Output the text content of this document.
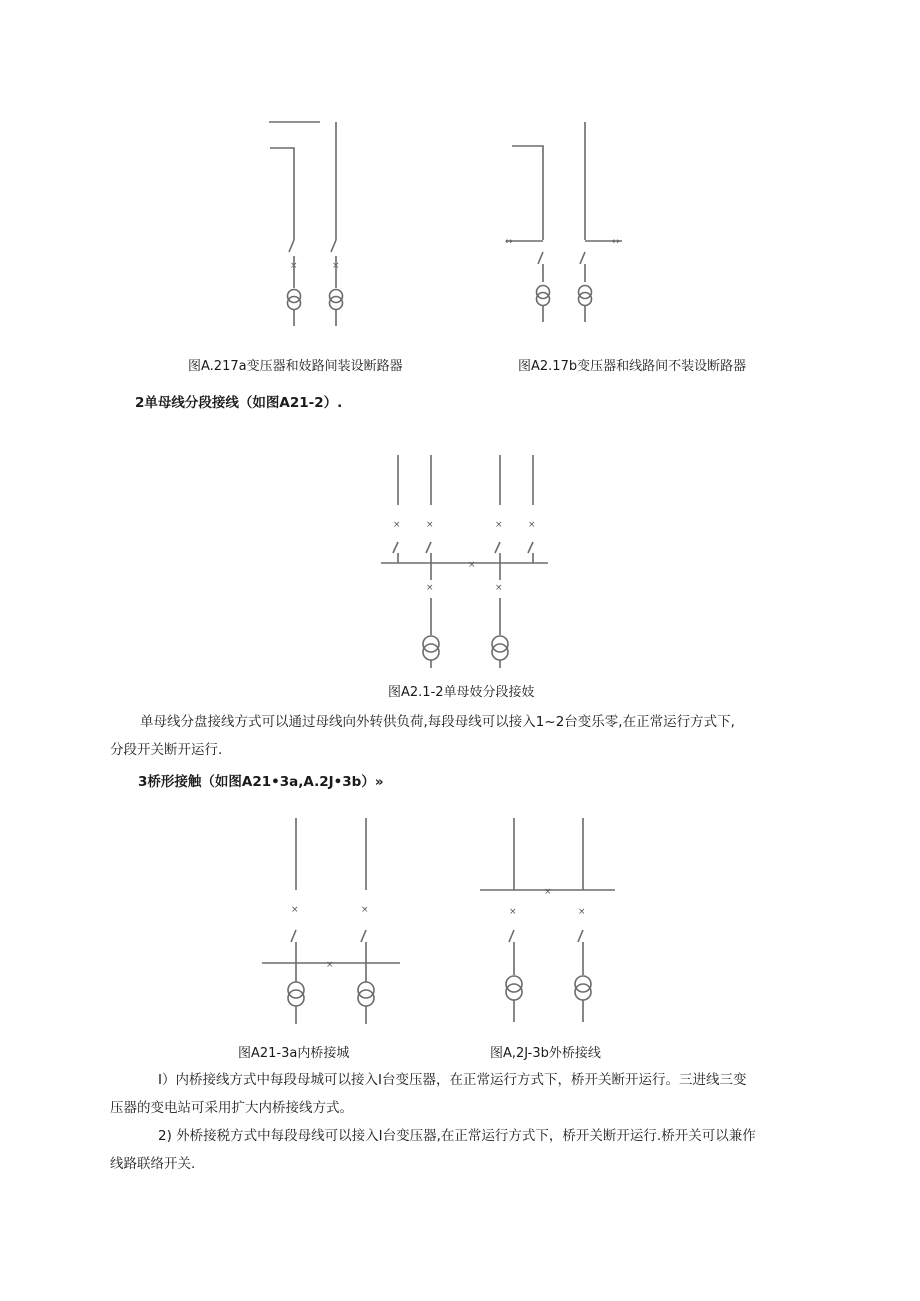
×	×
↔	↔
×
×	×	×	×
×	×
×
×	×
×
×	×
图A.217a变压器和妓路间装设断路器	图A2.17b变压器和线路间不装设断路器
2单母线分段接线（如图A21-2）.
图A2.1-2单母妓分段接妓
单母线分盘接线方式可以通过母线向外转供负荷,每段母线可以接入1~2台变乐零,在正常运行方式下,
分段开关断开运行.
3桥形接触（如图A21•3a,A.2J•3b）»
图A21-3a内桥接城	图A,2J-3b外桥接线
I）内桥接线方式中每段母城可以接入I台变压器，在正常运行方式下，桥开关断开运行。三进线三变
压器的变电站可采用扩大内桥接线方式。
2) 外桥接税方式中每段母线可以接入I台变压器,在正常运行方式下，桥开关断开运行.桥开关可以兼作
线路联络开关.
